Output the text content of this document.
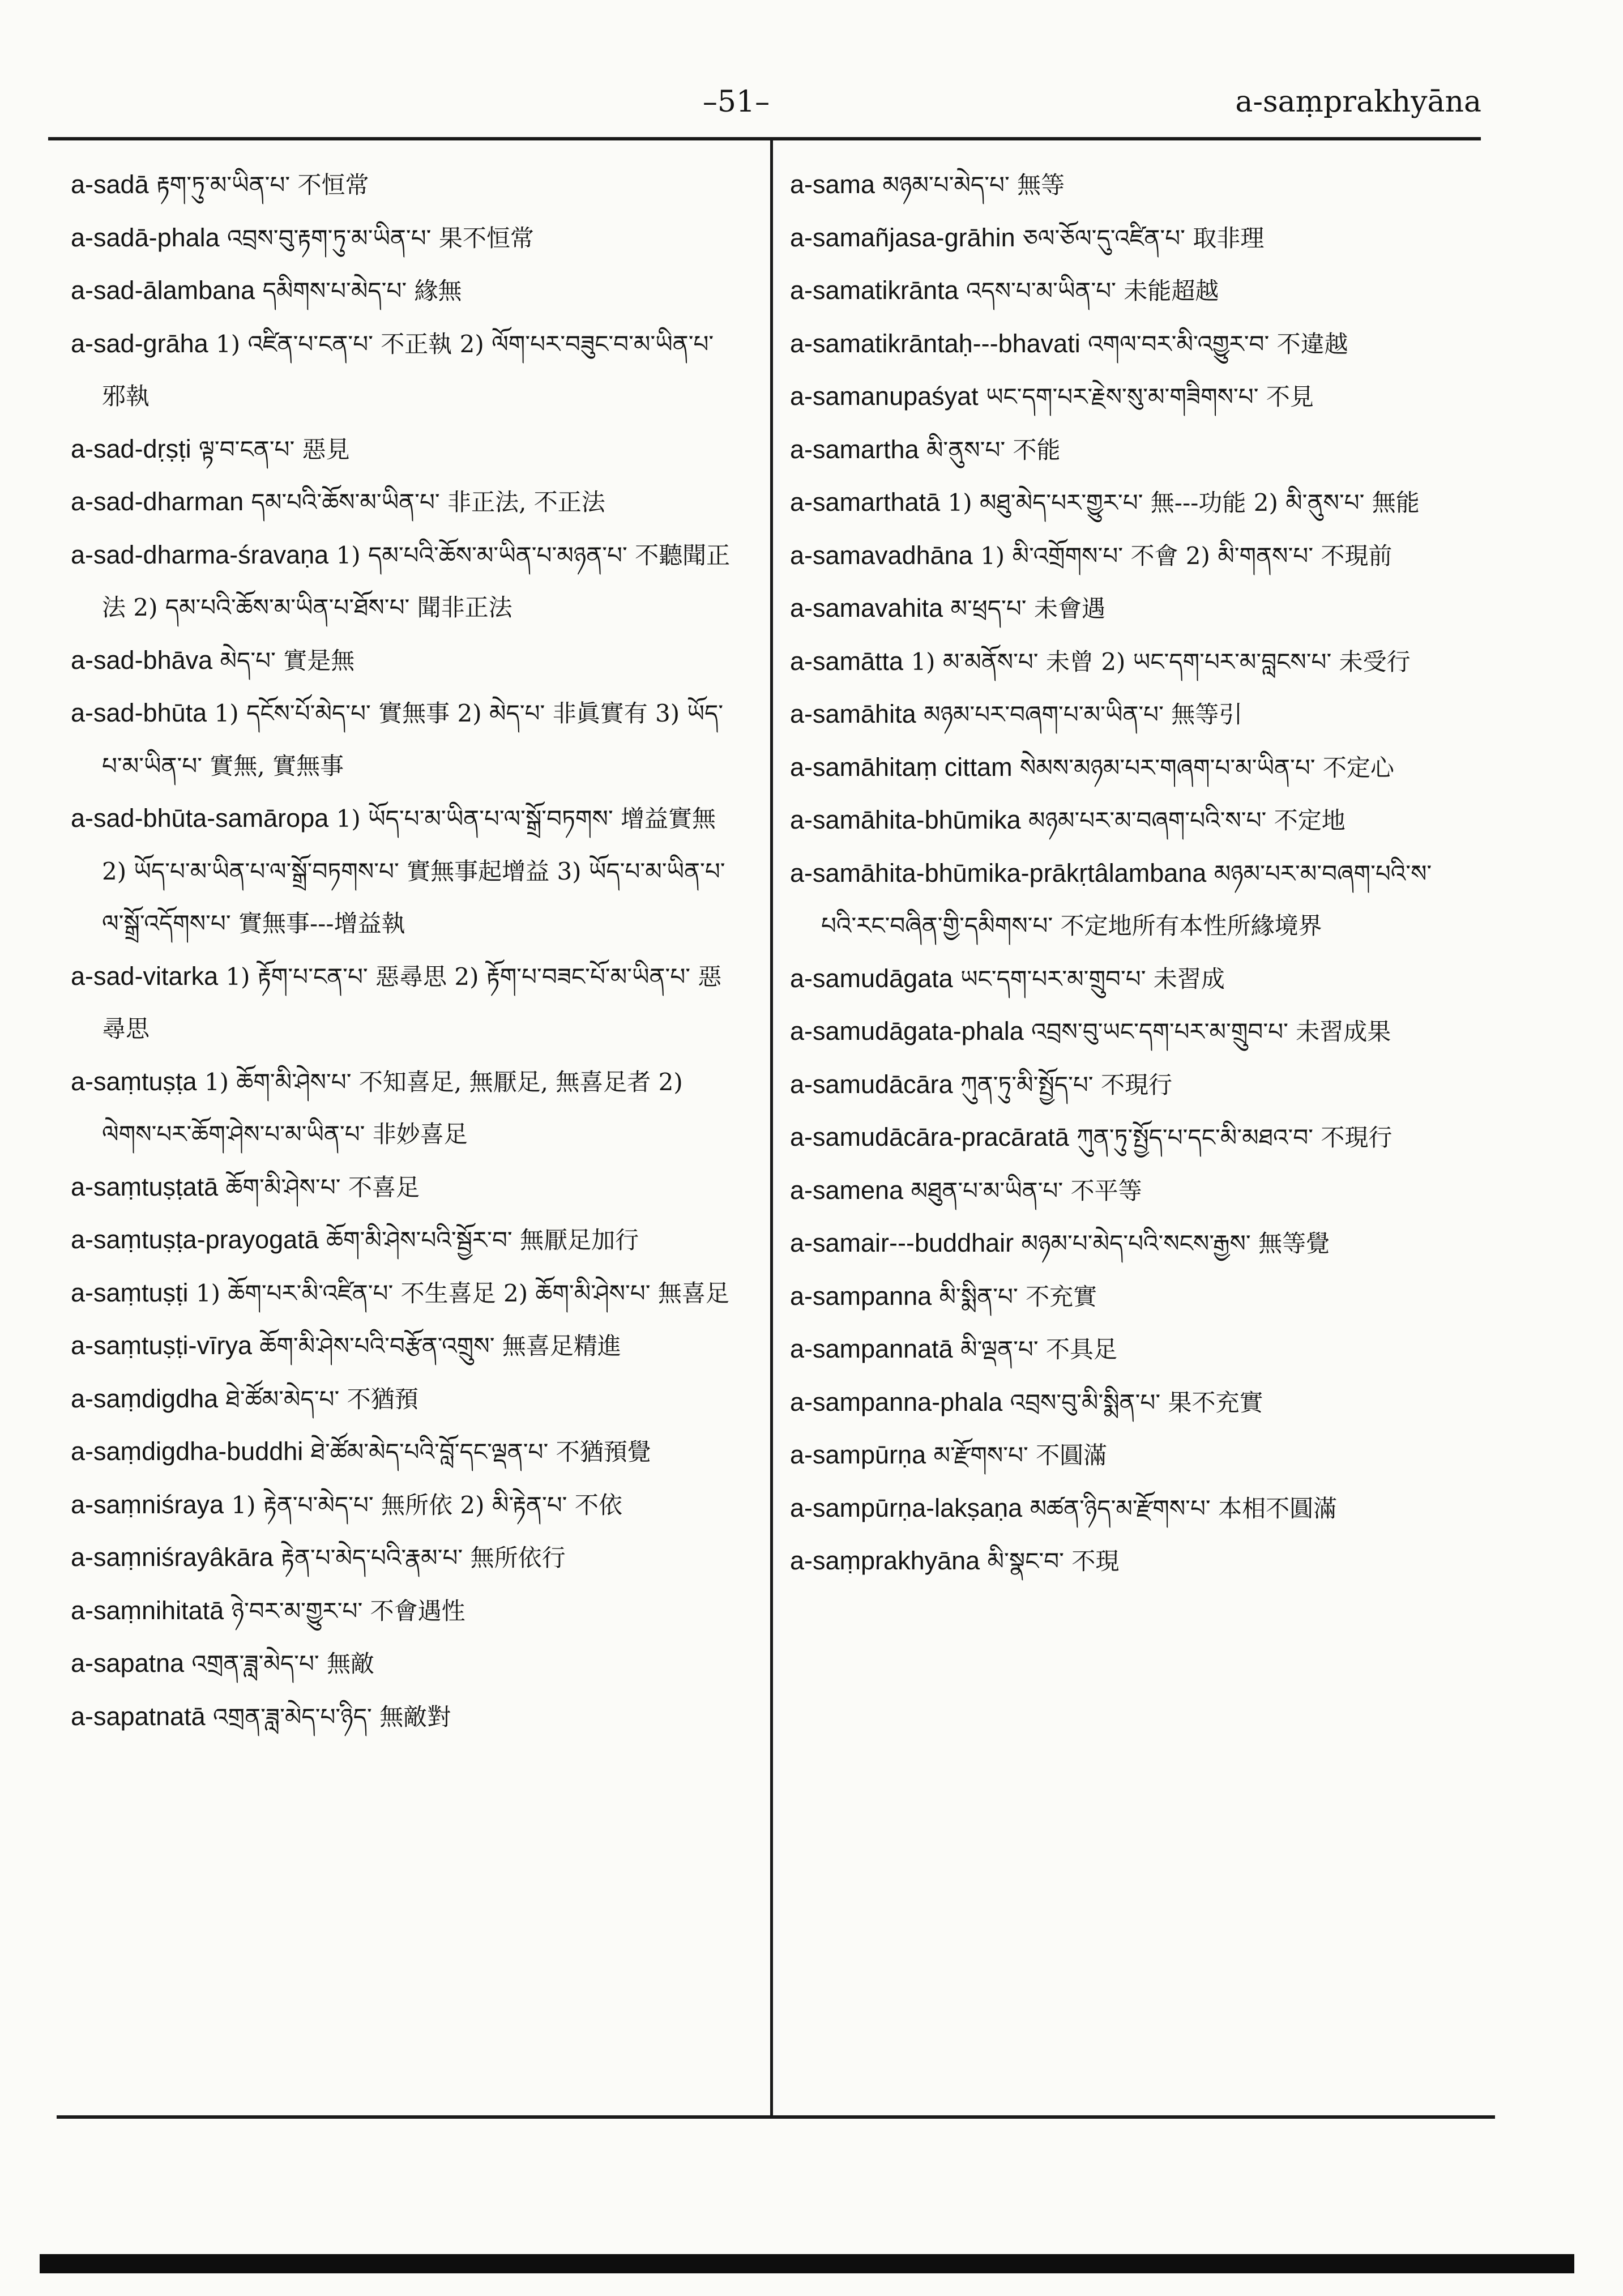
–51–	a-saṃprakhyāna
a-sadā རྟག་ཏུ་མ་ཡིན་པ་ 不恒常
a-sadā-phala འབྲས་བུ་རྟག་ཏུ་མ་ཡིན་པ་ 果不恒常
a-sad-ālambana དམིགས་པ་མེད་པ་ 緣無
a-sad-grāha 1) འཛིན་པ་ངན་པ་ 不正執 2) ལོག་པར་བཟུང་བ་མ་ཡིན་པ་ 邪執
a-sad-dṛṣṭi ལྟ་བ་ངན་པ་ 惡見
a-sad-dharman དམ་པའི་ཆོས་མ་ཡིན་པ་ 非正法, 不正法
a-sad-dharma-śravaṇa 1) དམ་པའི་ཆོས་མ་ཡིན་པ་མཉན་པ་ 不聽聞正法 2) དམ་པའི་ཆོས་མ་ཡིན་པ་ཐོས་པ་ 聞非正法
a-sad-bhāva མེད་པ་ 實是無
a-sad-bhūta 1) དངོས་པོ་མེད་པ་ 實無事 2) མེད་པ་ 非眞實有 3) ཡོད་པ་མ་ཡིན་པ་ 實無, 實無事
a-sad-bhūta-samāropa 1) ཡོད་པ་མ་ཡིན་པ་ལ་སྒྲོ་བཏགས་ 增益實無 2) ཡོད་པ་མ་ཡིན་པ་ལ་སྒྲོ་བཏགས་པ་ 實無事起增益 3) ཡོད་པ་མ་ཡིན་པ་ལ་སྒྲོ་འདོགས་པ་ 實無事---增益執
a-sad-vitarka 1) རྟོག་པ་ངན་པ་ 惡尋思 2) རྟོག་པ་བཟང་པོ་མ་ཡིན་པ་ 惡尋思
a-saṃtuṣṭa 1) ཆོག་མི་ཤེས་པ་ 不知喜足, 無厭足, 無喜足者 2) ལེགས་པར་ཆོག་ཤེས་པ་མ་ཡིན་པ་ 非妙喜足
a-saṃtuṣṭatā ཆོག་མི་ཤེས་པ་ 不喜足
a-saṃtuṣṭa-prayogatā ཆོག་མི་ཤེས་པའི་སྦྱོར་བ་ 無厭足加行
a-saṃtuṣṭi 1) ཆོག་པར་མི་འཛིན་པ་ 不生喜足 2) ཆོག་མི་ཤེས་པ་ 無喜足
a-saṃtuṣṭi-vīrya ཆོག་མི་ཤེས་པའི་བརྩོན་འགྲུས་ 無喜足精進
a-saṃdigdha ཐེ་ཚོམ་མེད་པ་ 不猶預
a-saṃdigdha-buddhi ཐེ་ཚོམ་མེད་པའི་བློ་དང་ལྡན་པ་ 不猶預覺
a-saṃniśraya 1) རྟེན་པ་མེད་པ་ 無所依 2) མི་རྟེན་པ་ 不依
a-saṃniśrayâkāra རྟེན་པ་མེད་པའི་རྣམ་པ་ 無所依行
a-saṃnihitatā ཉེ་བར་མ་གྱུར་པ་ 不會遇性
a-sapatna འགྲན་ཟླ་མེད་པ་ 無敵
a-sapatnatā འགྲན་ཟླ་མེད་པ་ཉིད་ 無敵對
a-sama མཉམ་པ་མེད་པ་ 無等
a-samañjasa-grāhin ཅལ་ཅོལ་དུ་འཛིན་པ་ 取非理
a-samatikrānta འདས་པ་མ་ཡིན་པ་ 未能超越
a-samatikrāntaḥ---bhavati འགལ་བར་མི་འགྱུར་བ་ 不違越
a-samanupaśyat ཡང་དག་པར་རྗེས་སུ་མ་གཟིགས་པ་ 不見
a-samartha མི་ནུས་པ་ 不能
a-samarthatā 1) མཐུ་མེད་པར་གྱུར་པ་ 無---功能 2) མི་ནུས་པ་ 無能
a-samavadhāna 1) མི་འགྲོགས་པ་ 不會 2) མི་གནས་པ་ 不現前
a-samavahita མ་ཕྲད་པ་ 未會遇
a-samātta 1) མ་མནོས་པ་ 未曾 2) ཡང་དག་པར་མ་བླངས་པ་ 未受行
a-samāhita མཉམ་པར་བཞག་པ་མ་ཡིན་པ་ 無等引
a-samāhitaṃ cittam སེམས་མཉམ་པར་གཞག་པ་མ་ཡིན་པ་ 不定心
a-samāhita-bhūmika མཉམ་པར་མ་བཞག་པའི་ས་པ་ 不定地
a-samāhita-bhūmika-prākṛtâlambana མཉམ་པར་མ་བཞག་པའི་ས་པའི་རང་བཞིན་གྱི་དམིགས་པ་ 不定地所有本性所緣境界
a-samudāgata ཡང་དག་པར་མ་གྲུབ་པ་ 未習成
a-samudāgata-phala འབྲས་བུ་ཡང་དག་པར་མ་གྲུབ་པ་ 未習成果
a-samudācāra ཀུན་ཏུ་མི་སྤྱོད་པ་ 不現行
a-samudācāra-pracāratā ཀུན་ཏུ་སྤྱོད་པ་དང་མི་མཐའ་བ་ 不現行
a-samena མཐུན་པ་མ་ཡིན་པ་ 不平等
a-samair---buddhair མཉམ་པ་མེད་པའི་སངས་རྒྱས་ 無等覺
a-sampanna མི་སྨིན་པ་ 不充實
a-sampannatā མི་ལྡན་པ་ 不具足
a-sampanna-phala འབྲས་བུ་མི་སྨིན་པ་ 果不充實
a-sampūrṇa མ་རྫོགས་པ་ 不圓滿
a-sampūrṇa-lakṣaṇa མཚན་ཉིད་མ་རྫོགས་པ་ 本相不圓滿
a-saṃprakhyāna མི་སྣང་བ་ 不現
